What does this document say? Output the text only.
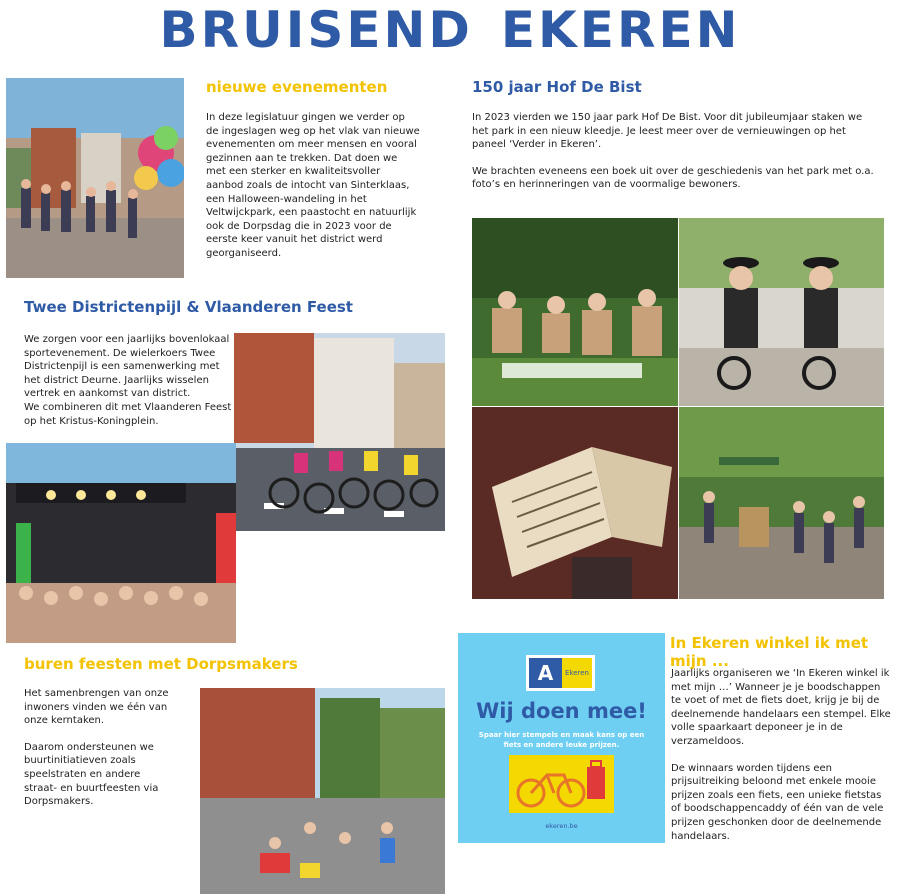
BRUISEND EKEREN
nieuwe evenementen

In deze legislatuur gingen we verder op de ingeslagen weg op het vlak van nieuwe evenementen om meer mensen en vooral gezinnen aan te trekken. Dat doen we met een sterker en kwaliteitsvoller aanbod zoals de intocht van Sinterklaas, een Halloween-wandeling in het Veltwijckpark, een paastocht en natuurlijk ook de Dorpsdag die in 2023 voor de eerste keer vanuit het district werd georganiseerd.

Twee Districtenpijl & Vlaanderen Feest

We zorgen voor een jaarlijks bovenlokaal sportevenement. De wielerkoers Twee Districtenpijl is een samenwerking met het district Deurne. Jaarlijks wisselen vertrek en aankomst van district.

We combineren dit met Vlaanderen Feest op het Kristus-Koningplein.

buren feesten met Dorpsmakers

Het samenbrengen van onze inwoners vinden we één van onze kerntaken.

Daarom ondersteunen we buurtinitiatieven zoals speelstraten en andere straat- en buurtfeesten via Dorpsmakers.

150 jaar Hof De Bist

In 2023 vierden we 150 jaar park Hof De Bist. Voor dit jubileumjaar staken we het park in een nieuw kleedje. Je leest meer over de vernieuwingen op het paneel ‘Verder in Ekeren’.

We brachten eveneens een boek uit over de geschiedenis van het park met o.a. foto’s en herinneringen van de voormalige bewoners.

A	Ekeren
Wij doen mee!
Spaar hier stempels en maak kans op een fiets en andere leuke prijzen.
ekeren.be
In Ekeren winkel ik met mijn ...

Jaarlijks organiseren we ‘In Ekeren winkel ik met mijn …’ Wanneer je je boodschappen te voet of met de fiets doet, krijg je bij de deelnemende handelaars een stempel. Elke volle spaarkaart deponeer je in de verzameldoos.

De winnaars worden tijdens een prijsuitreiking beloond met enkele mooie prijzen zoals een fiets, een unieke fietstas of boodschappencaddy of één van de vele prijzen geschonken door de deelnemende handelaars.
